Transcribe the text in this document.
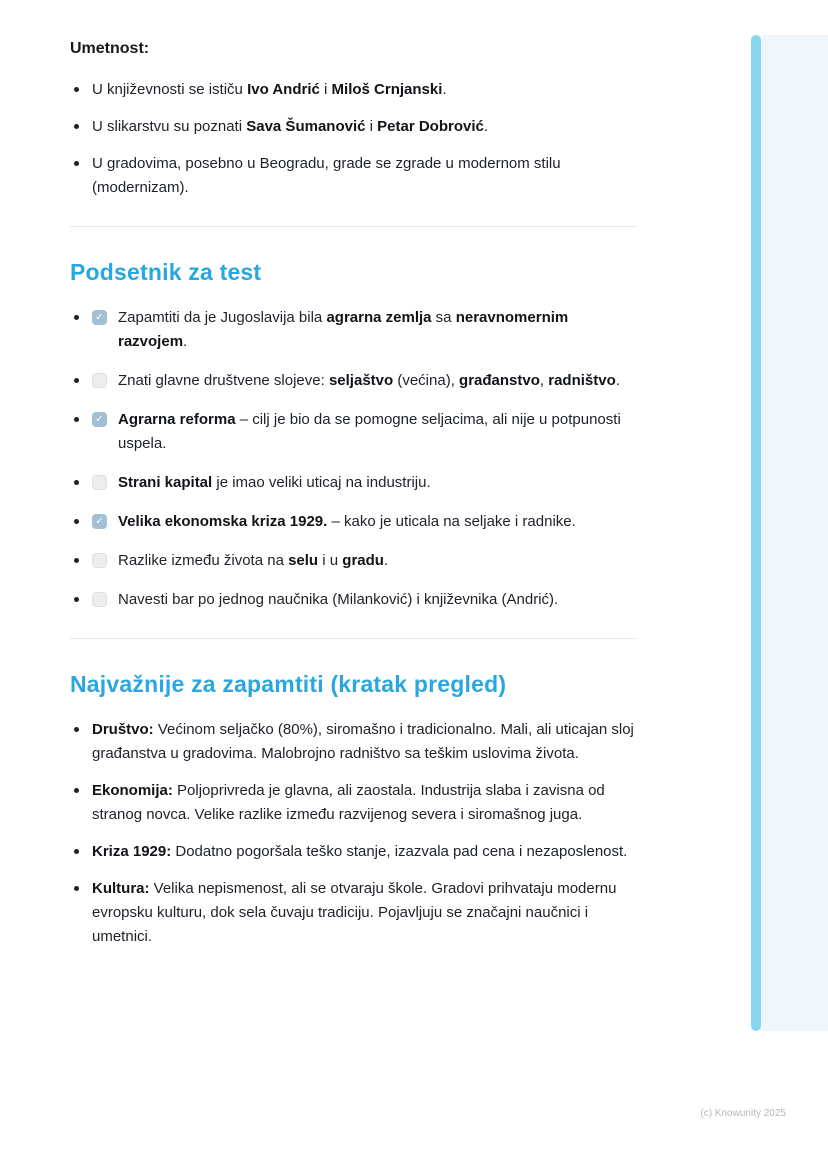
Umetnost:
U književnosti se ističu Ivo Andrić i Miloš Crnjanski.
U slikarstvu su poznati Sava Šumanović i Petar Dobrović.
U gradovima, posebno u Beogradu, grade se zgrade u modernom stilu (modernizam).
Podsetnik za test
✓ Zapamtiti da je Jugoslavija bila agrarna zemlja sa neravnomernim razvojem.
Znati glavne društvene slojeve: seljaštvo (većina), građanstvo, radništvo.
✓ Agrarna reforma – cilj je bio da se pomogne seljacima, ali nije u potpunosti uspela.
Strani kapital je imao veliki uticaj na industriju.
✓ Velika ekonomska kriza 1929. – kako je uticala na seljake i radnike.
Razlike između života na selu i u gradu.
Navesti bar po jednog naučnika (Milanković) i književnika (Andrić).
Najvažnije za zapamtiti (kratak pregled)
Društvo: Većinom seljačko (80%), siromašno i tradicionalno. Mali, ali uticajan sloj građanstva u gradovima. Malobrojno radništvo sa teškim uslovima života.
Ekonomija: Poljoprivreda je glavna, ali zaostala. Industrija slaba i zavisna od stranog novca. Velike razlike između razvijenog severa i siromašnog juga.
Kriza 1929: Dodatno pogoršala teško stanje, izazvala pad cena i nezaposlenost.
Kultura: Velika nepismenost, ali se otvaraju škole. Gradovi prihvataju modernu evropsku kulturu, dok sela čuvaju tradiciju. Pojavljuju se značajni naučnici i umetnici.
(c) Knowunity 2025
